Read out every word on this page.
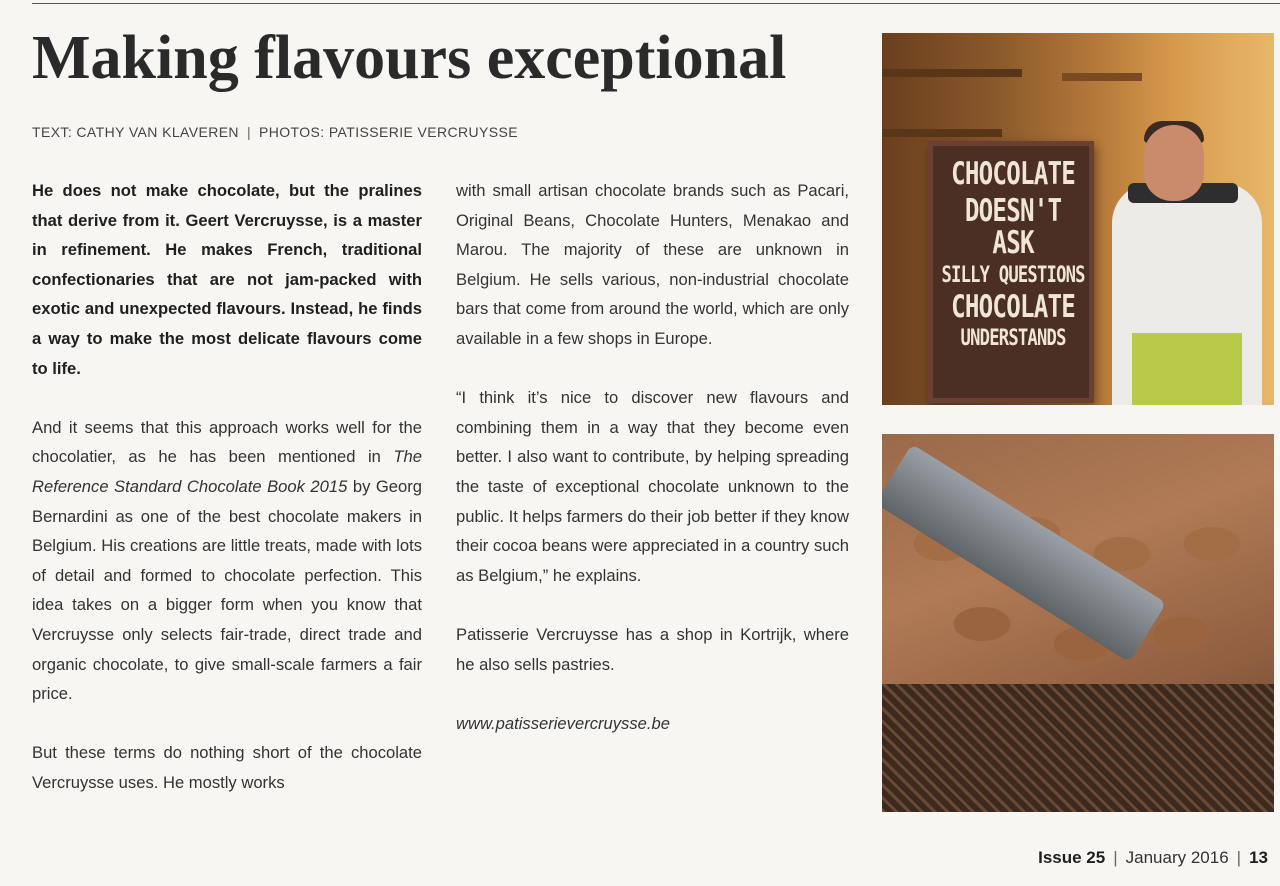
Making flavours exceptional
TEXT: CATHY VAN KLAVEREN | PHOTOS: PATISSERIE VERCRUYSSE

He does not make chocolate, but the pralines that derive from it. Geert Vercruysse, is a master in refinement. He makes French, traditional confectionaries that are not jam-packed with exotic and unexpected flavours. Instead, he finds a way to make the most delicate flavours come to life.

And it seems that this approach works well for the chocolatier, as he has been mentioned in The Reference Standard Chocolate Book 2015 by Georg Bernardini as one of the best chocolate makers in Belgium. His creations are little treats, made with lots of detail and formed to chocolate perfection. This idea takes on a bigger form when you know that Vercruysse only selects fair-trade, direct trade and organic chocolate, to give small-scale farmers a fair price.

But these terms do nothing short of the chocolate Vercruysse uses. He mostly works

with small artisan chocolate brands such as Pacari, Original Beans, Chocolate Hunters, Menakao and Marou. The majority of these are unknown in Belgium. He sells various, non-industrial chocolate bars that come from around the world, which are only available in a few shops in Europe.

“I think it’s nice to discover new flavours and combining them in a way that they become even better. I also want to contribute, by helping spreading the taste of exceptional chocolate unknown to the public. It helps farmers do their job better if they know their cocoa beans were appreciated in a country such as Belgium,” he explains.

Patisserie Vercruysse has a shop in Kortrijk, where he also sells pastries.

www.patisserievercruysse.be

CHOCOLATE
DOESN'T ASK
SILLY QUESTIONS
CHOCOLATE
UNDERSTANDS
Issue 25 | January 2016 | 13
